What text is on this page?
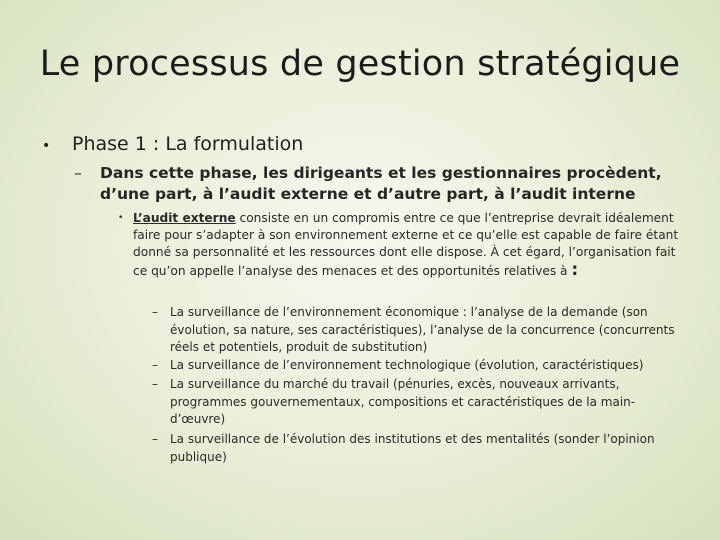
Le processus de gestion stratégique
•	Phase 1 : La formulation
– Dans cette phase, les dirigeants et les gestionnaires procèdent, d’une part, à l’audit externe et d’autre part, à l’audit interne
• L’audit externe consiste en un compromis entre ce que l’entreprise devrait idéalement faire pour s’adapter à son environnement externe et ce qu’elle est capable de faire étant donné sa personnalité et les ressources dont elle dispose. À cet égard, l’organisation fait ce qu’on appelle l’analyse des menaces et des opportunités relatives à :
– La surveillance de l’environnement économique : l’analyse de la demande (son évolution, sa nature, ses caractéristiques), l’analyse de la concurrence (concurrents réels et potentiels, produit de substitution)
– La surveillance de l’environnement technologique (évolution, caractéristiques)
– La surveillance du marché du travail (pénuries, excès, nouveaux arrivants, programmes gouvernementaux, compositions et caractéristiques de la main-d’œuvre)
– La surveillance de l’évolution des institutions et des mentalités (sonder l’opinion publique)
